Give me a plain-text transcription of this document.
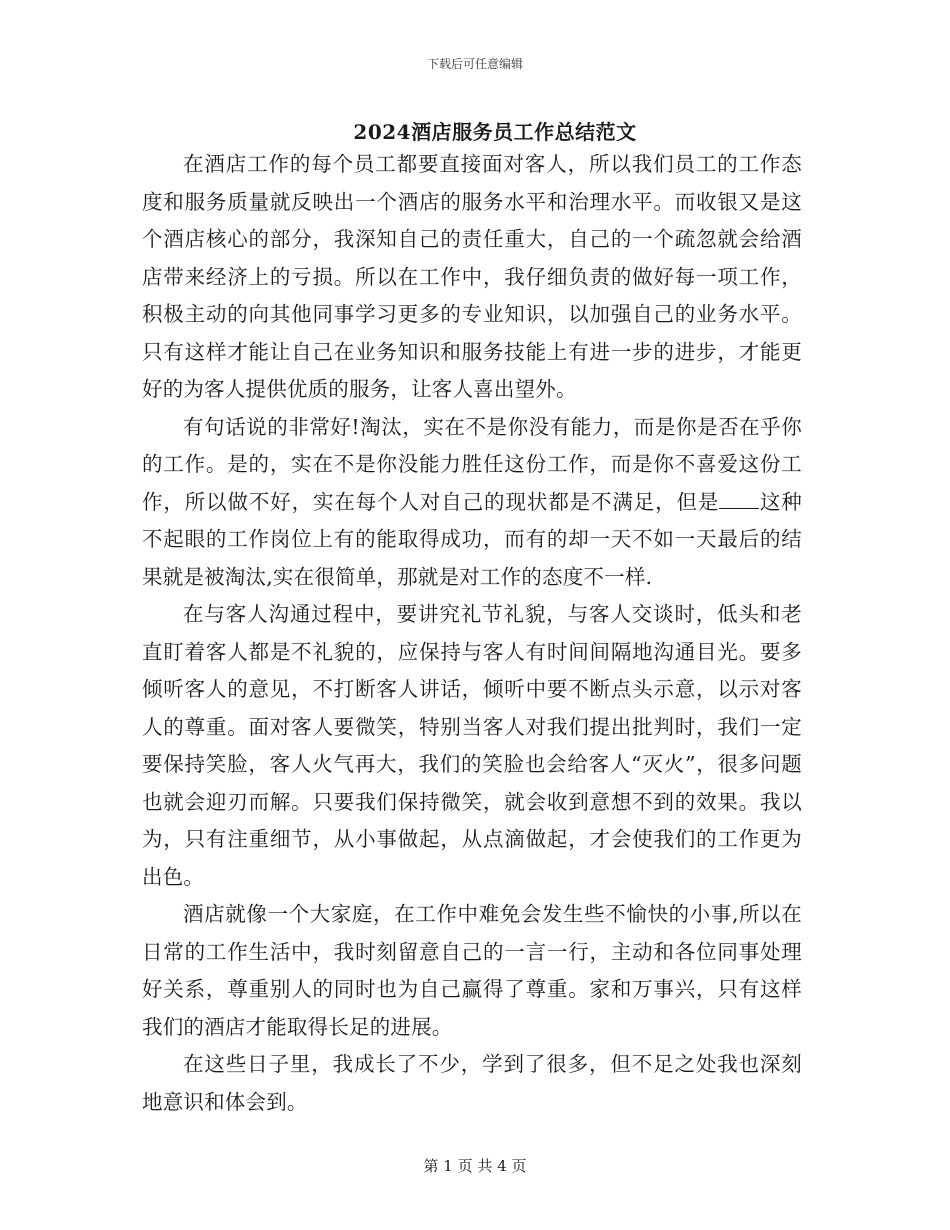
下载后可任意编辑
2024酒店服务员工作总结范文

在酒店工作的每个员工都要直接面对客人，所以我们员工的工作态度和服务质量就反映出一个酒店的服务水平和治理水平。而收银又是这个酒店核心的部分，我深知自己的责任重大，自己的一个疏忽就会给酒店带来经济上的亏损。所以在工作中，我仔细负责的做好每一项工作，积极主动的向其他同事学习更多的专业知识，以加强自己的业务水平。只有这样才能让自己在业务知识和服务技能上有进一步的进步，才能更好的为客人提供优质的服务，让客人喜出望外。

有句话说的非常好!淘汰，实在不是你没有能力，而是你是否在乎你的工作。是的，实在不是你没能力胜任这份工作，而是你不喜爱这份工作，所以做不好，实在每个人对自己的现状都是不满足，但是 这种不起眼的工作岗位上有的能取得成功，而有的却一天不如一天最后的结果就是被淘汰,实在很简单，那就是对工作的态度不一样.

在与客人沟通过程中，要讲究礼节礼貌，与客人交谈时，低头和老直盯着客人都是不礼貌的，应保持与客人有时间间隔地沟通目光。要多倾听客人的意见，不打断客人讲话，倾听中要不断点头示意，以示对客人的尊重。面对客人要微笑，特别当客人对我们提出批判时，我们一定要保持笑脸，客人火气再大，我们的笑脸也会给客人“灭火”，很多问题也就会迎刃而解。只要我们保持微笑，就会收到意想不到的效果。我以为，只有注重细节，从小事做起，从点滴做起，才会使我们的工作更为出色。

酒店就像一个大家庭，在工作中难免会发生些不愉快的小事,所以在日常的工作生活中，我时刻留意自己的一言一行，主动和各位同事处理好关系，尊重别人的同时也为自己赢得了尊重。家和万事兴，只有这样我们的酒店才能取得长足的进展。

在这些日子里，我成长了不少，学到了很多，但不足之处我也深刻地意识和体会到。

第 1 页 共 4 页
